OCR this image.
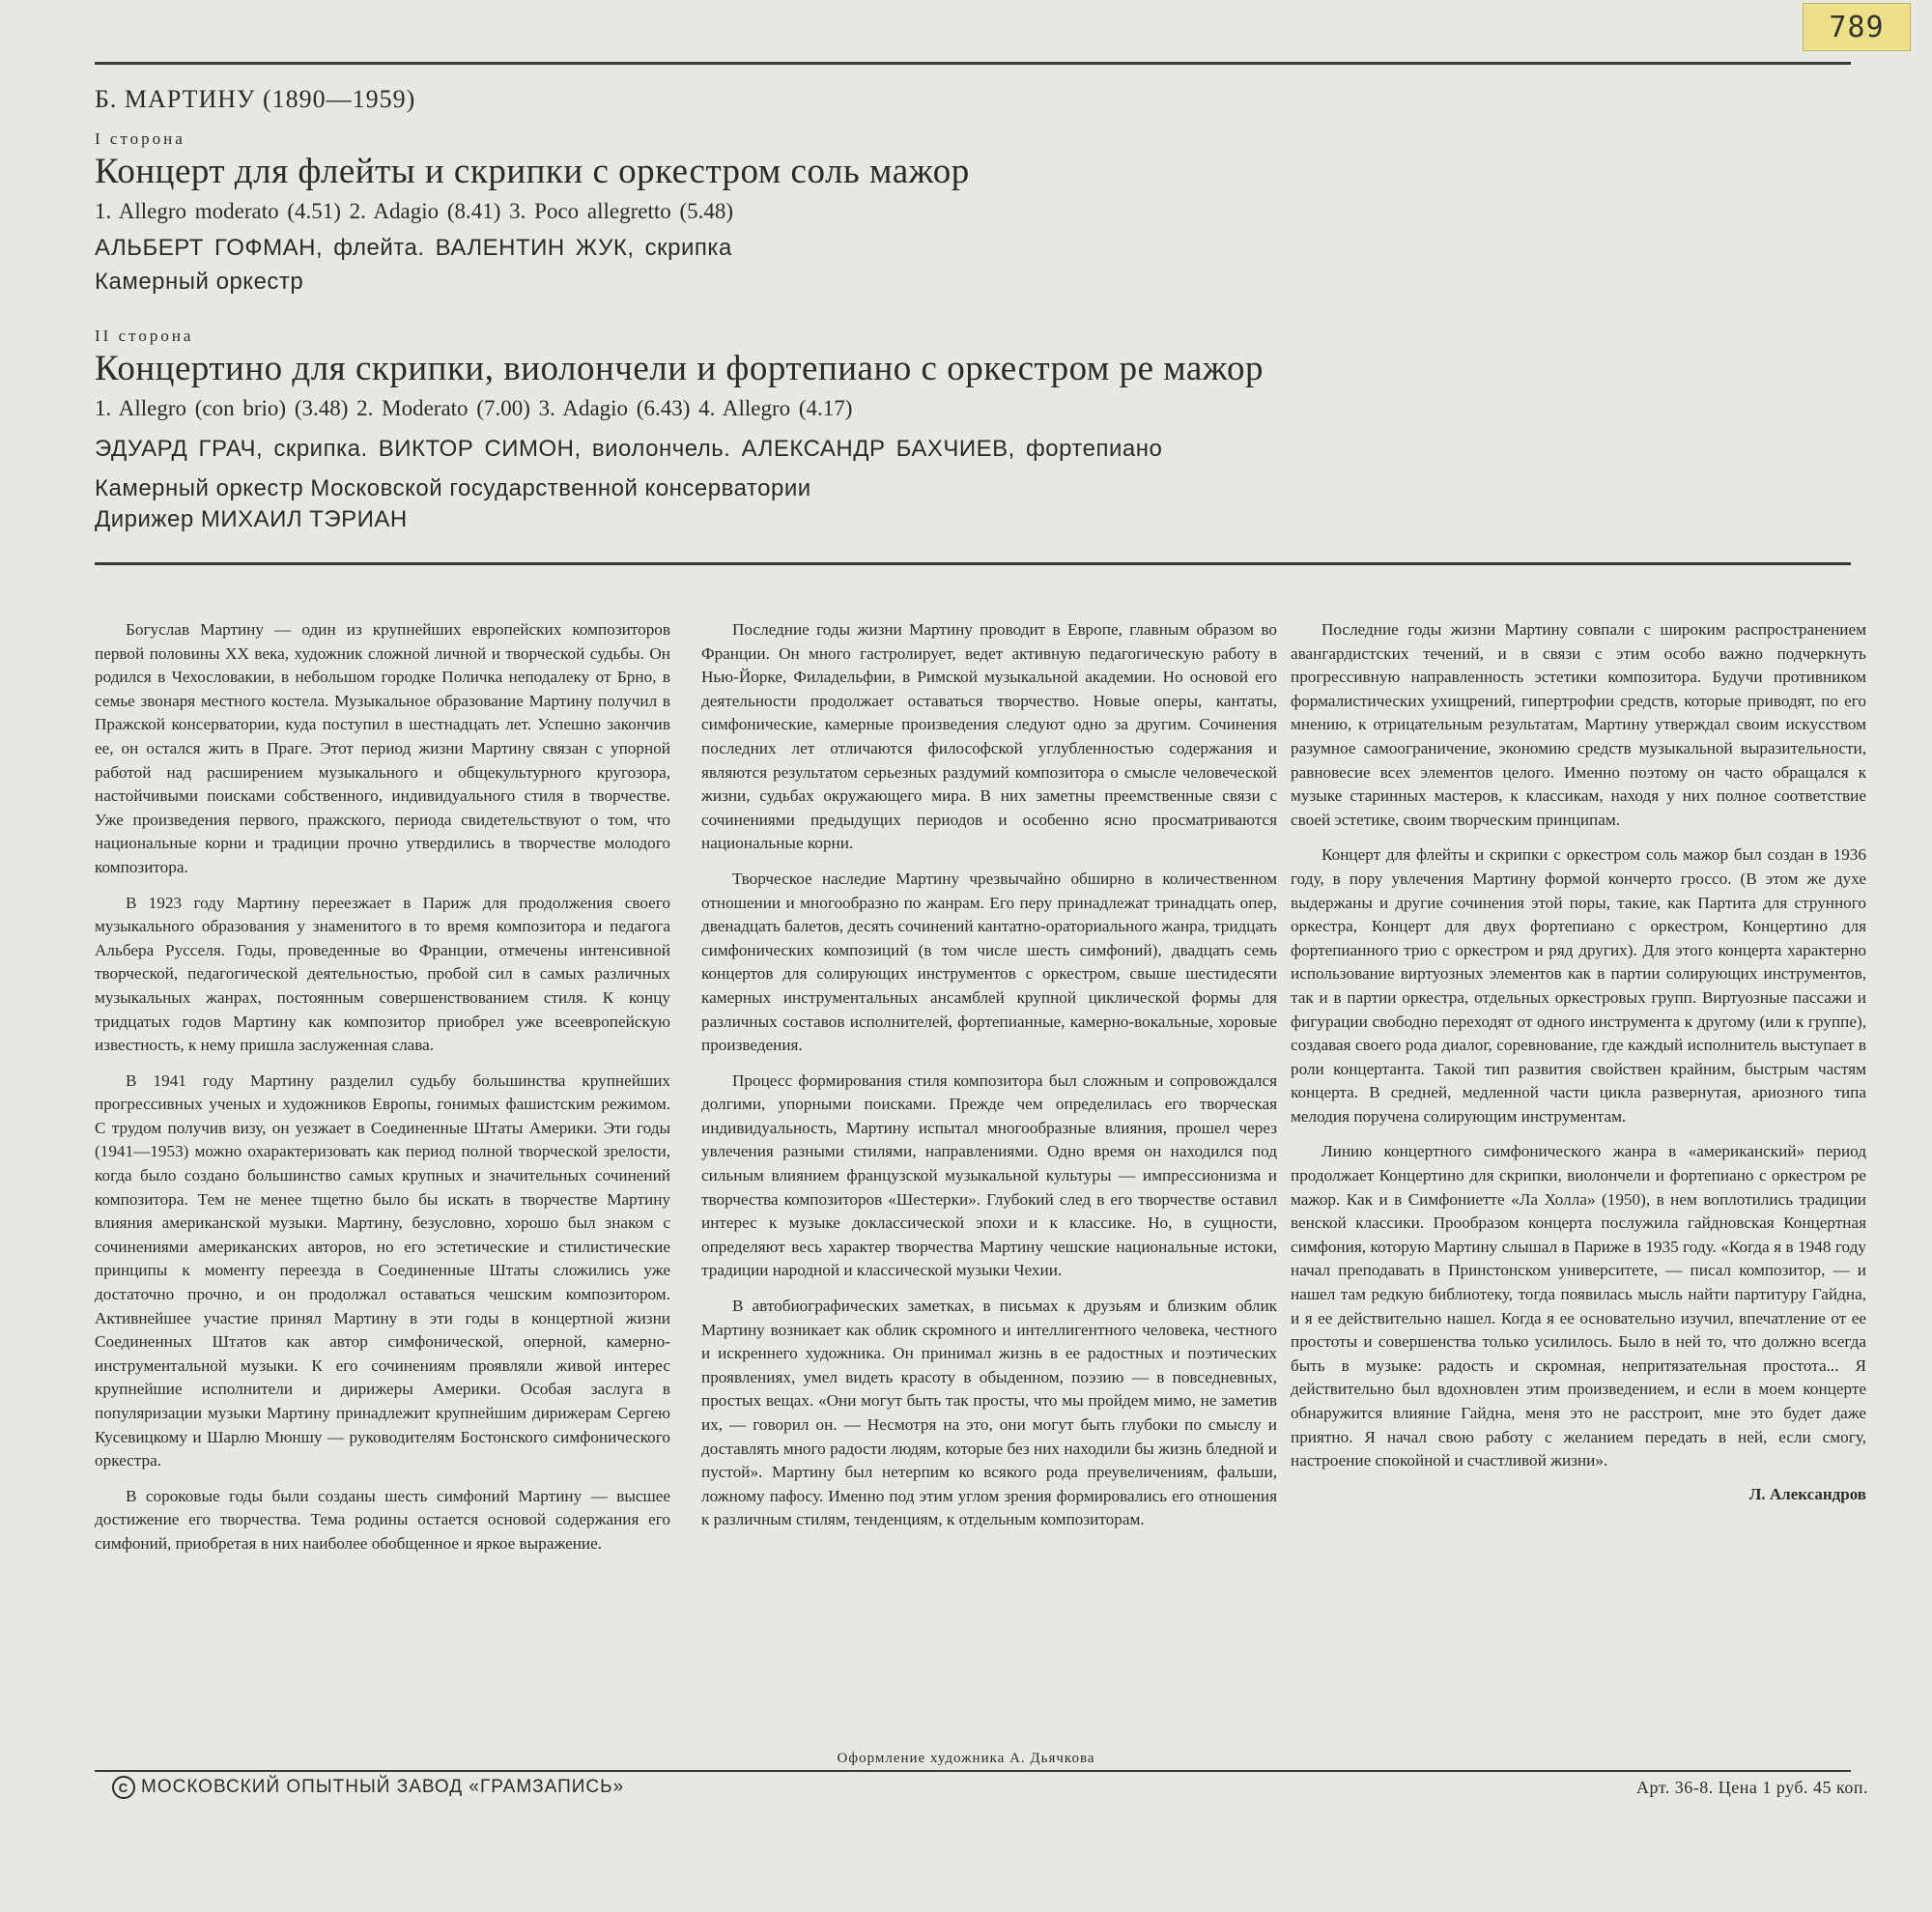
789

Б. МАРТИНУ (1890—1959)

I сторона

Концерт для флейты и скрипки с оркестром соль мажор

1. Allegro moderato (4.51) 2. Adagio (8.41) 3. Poco allegretto (5.48)

АЛЬБЕРТ ГОФМАН, флейта. ВАЛЕНТИН ЖУК, скрипка

Камерный оркестр

II сторона

Концертино для скрипки, виолончели и фортепиано с оркестром ре мажор

1. Allegro (con brio) (3.48) 2. Moderato (7.00) 3. Adagio (6.43) 4. Allegro (4.17)

ЭДУАРД ГРАЧ, скрипка. ВИКТОР СИМОН, виолончель. АЛЕКСАНДР БАХЧИЕВ, фортепиано

Камерный оркестр Московской государственной консерватории

Дирижер МИХАИЛ ТЭРИАН

Богуслав Мартину — один из крупнейших европейских композиторов первой половины XX века, художник сложной личной и творческой судьбы. Он родился в Чехословакии, в небольшом городке Поличка неподалеку от Брно, в семье звонаря местного костела. Музыкальное образование Мартину получил в Пражской консерватории, куда поступил в шестнадцать лет. Успешно закончив ее, он остался жить в Праге. Этот период жизни Мартину связан с упорной работой над расширением музыкального и общекультурного кругозора, настойчивыми поисками собственного, индивидуального стиля в творчестве. Уже произведения первого, пражского, периода свидетельствуют о том, что национальные корни и традиции прочно утвердились в творчестве молодого композитора.

В 1923 году Мартину переезжает в Париж для продолжения своего музыкального образования у знаменитого в то время композитора и педагога Альбера Русселя. Годы, проведенные во Франции, отмечены интенсивной творческой, педагогической деятельностью, пробой сил в самых различных музыкальных жанрах, постоянным совершенствованием стиля. К концу тридцатых годов Мартину как композитор приобрел уже всеевропейскую известность, к нему пришла заслуженная слава.

В 1941 году Мартину разделил судьбу большинства крупнейших прогрессивных ученых и художников Европы, гонимых фашистским режимом. С трудом получив визу, он уезжает в Соединенные Штаты Америки. Эти годы (1941—1953) можно охарактеризовать как период полной творческой зрелости, когда было создано большинство самых крупных и значительных сочинений композитора. Тем не менее тщетно было бы искать в творчестве Мартину влияния американской музыки. Мартину, безусловно, хорошо был знаком с сочинениями американских авторов, но его эстетические и стилистические принципы к моменту переезда в Соединенные Штаты сложились уже достаточно прочно, и он продолжал оставаться чешским композитором. Активнейшее участие принял Мартину в эти годы в концертной жизни Соединенных Штатов как автор симфонической, оперной, камерно-инструментальной музыки. К его сочинениям проявляли живой интерес крупнейшие исполнители и дирижеры Америки. Особая заслуга в популяризации музыки Мартину принадлежит крупнейшим дирижерам Сергею Кусевицкому и Шарлю Мюншу — руководителям Бостонского симфонического оркестра.

В сороковые годы были созданы шесть симфоний Мартину — высшее достижение его творчества. Тема родины остается основой содержания его симфоний, приобретая в них наиболее обобщенное и яркое выражение.

Последние годы жизни Мартину проводит в Европе, главным образом во Франции. Он много гастролирует, ведет активную педагогическую работу в Нью-Йорке, Филадельфии, в Римской музыкальной академии. Но основой его деятельности продолжает оставаться творчество. Новые оперы, кантаты, симфонические, камерные произведения следуют одно за другим. Сочинения последних лет отличаются философской углубленностью содержания и являются результатом серьезных раздумий композитора о смысле человеческой жизни, судьбах окружающего мира. В них заметны преемственные связи с сочинениями предыдущих периодов и особенно ясно просматриваются национальные корни.

Творческое наследие Мартину чрезвычайно обширно в количественном отношении и многообразно по жанрам. Его перу принадлежат тринадцать опер, двенадцать балетов, десять сочинений кантатно-ораториального жанра, тридцать симфонических композиций (в том числе шесть симфоний), двадцать семь концертов для солирующих инструментов с оркестром, свыше шестидесяти камерных инструментальных ансамблей крупной циклической формы для различных составов исполнителей, фортепианные, камерно-вокальные, хоровые произведения.

Процесс формирования стиля композитора был сложным и сопровождался долгими, упорными поисками. Прежде чем определилась его творческая индивидуальность, Мартину испытал многообразные влияния, прошел через увлечения разными стилями, направлениями. Одно время он находился под сильным влиянием французской музыкальной культуры — импрессионизма и творчества композиторов «Шестерки». Глубокий след в его творчестве оставил интерес к музыке доклассической эпохи и к классике. Но, в сущности, определяют весь характер творчества Мартину чешские национальные истоки, традиции народной и классической музыки Чехии.

В автобиографических заметках, в письмах к друзьям и близким облик Мартину возникает как облик скромного и интеллигентного человека, честного и искреннего художника. Он принимал жизнь в ее радостных и поэтических проявлениях, умел видеть красоту в обыденном, поэзию — в повседневных, простых вещах. «Они могут быть так просты, что мы пройдем мимо, не заметив их, — говорил он. — Несмотря на это, они могут быть глубоки по смыслу и доставлять много радости людям, которые без них находили бы жизнь бледной и пустой». Мартину был нетерпим ко всякого рода преувеличениям, фальши, ложному пафосу. Именно под этим углом зрения формировались его отношения к различным стилям, тенденциям, к отдельным композиторам.

Последние годы жизни Мартину совпали с широким распространением авангардистских течений, и в связи с этим особо важно подчеркнуть прогрессивную направленность эстетики композитора. Будучи противником формалистических ухищрений, гипертрофии средств, которые приводят, по его мнению, к отрицательным результатам, Мартину утверждал своим искусством разумное самоограничение, экономию средств музыкальной выразительности, равновесие всех элементов целого. Именно поэтому он часто обращался к музыке старинных мастеров, к классикам, находя у них полное соответствие своей эстетике, своим творческим принципам.

Концерт для флейты и скрипки с оркестром соль мажор был создан в 1936 году, в пору увлечения Мартину формой кончерто гроссо. (В этом же духе выдержаны и другие сочинения этой поры, такие, как Партита для струнного оркестра, Концерт для двух фортепиано с оркестром, Концертино для фортепианного трио с оркестром и ряд других). Для этого концерта характерно использование виртуозных элементов как в партии солирующих инструментов, так и в партии оркестра, отдельных оркестровых групп. Виртуозные пассажи и фигурации свободно переходят от одного инструмента к другому (или к группе), создавая своего рода диалог, соревнование, где каждый исполнитель выступает в роли концертанта. Такой тип развития свойствен крайним, быстрым частям концерта. В средней, медленной части цикла развернутая, ариозного типа мелодия поручена солирующим инструментам.

Линию концертного симфонического жанра в «американский» период продолжает Концертино для скрипки, виолончели и фортепиано с оркестром ре мажор. Как и в Симфониетте «Ла Холла» (1950), в нем воплотились традиции венской классики. Прообразом концерта послужила гайдновская Концертная симфония, которую Мартину слышал в Париже в 1935 году. «Когда я в 1948 году начал преподавать в Принстонском университете, — писал композитор, — и нашел там редкую библиотеку, тогда появилась мысль найти партитуру Гайдна, и я ее действительно нашел. Когда я ее основательно изучил, впечатление от ее простоты и совершенства только усилилось. Было в ней то, что должно всегда быть в музыке: радость и скромная, непритязательная простота... Я действительно был вдохновлен этим произведением, и если в моем концерте обнаружится влияние Гайдна, меня это не расстроит, мне это будет даже приятно. Я начал свою работу с желанием передать в ней, если смогу, настроение спокойной и счастливой жизни».

Л. Александров
Оформление художника А. Дьячкова
C МОСКОВСКИЙ ОПЫТНЫЙ ЗАВОД «ГРАМЗАПИСЬ»	Арт. 36-8. Цена 1 руб. 45 коп.
